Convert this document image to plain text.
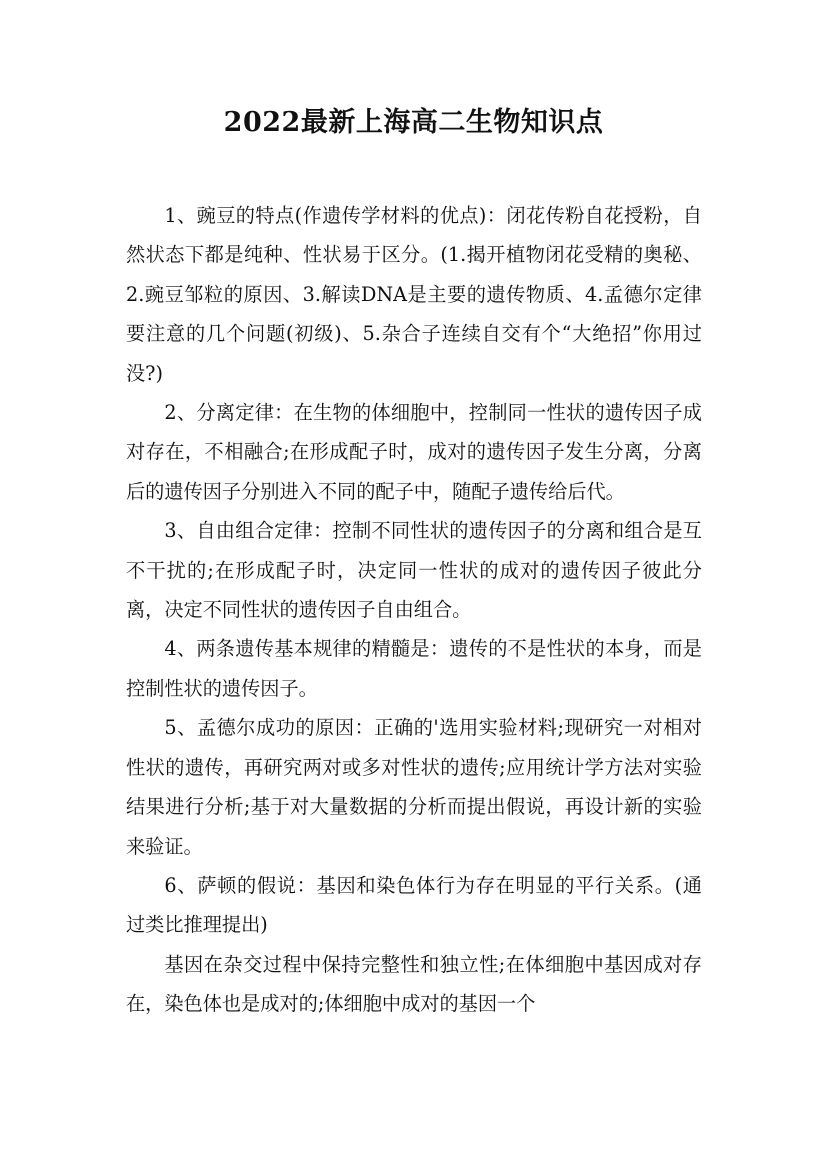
2022最新上海高二生物知识点

1、豌豆的特点(作遗传学材料的优点)：闭花传粉自花授粉，自然状态下都是纯种、性状易于区分。(1.揭开植物闭花受精的奥秘、2.豌豆邹粒的原因、3.解读DNA是主要的遗传物质、4.孟德尔定律要注意的几个问题(初级)、5.杂合子连续自交有个“大绝招”你用过没?)

2、分离定律：在生物的体细胞中，控制同一性状的遗传因子成对存在，不相融合;在形成配子时，成对的遗传因子发生分离，分离后的遗传因子分别进入不同的配子中，随配子遗传给后代。

3、自由组合定律：控制不同性状的遗传因子的分离和组合是互不干扰的;在形成配子时，决定同一性状的成对的遗传因子彼此分离，决定不同性状的遗传因子自由组合。

4、两条遗传基本规律的精髓是：遗传的不是性状的本身，而是控制性状的遗传因子。

5、孟德尔成功的原因：正确的'选用实验材料;现研究一对相对性状的遗传，再研究两对或多对性状的遗传;应用统计学方法对实验结果进行分析;基于对大量数据的分析而提出假说，再设计新的实验来验证。

6、萨顿的假说：基因和染色体行为存在明显的平行关系。(通过类比推理提出)

基因在杂交过程中保持完整性和独立性;在体细胞中基因成对存在，染色体也是成对的;体细胞中成对的基因一个
